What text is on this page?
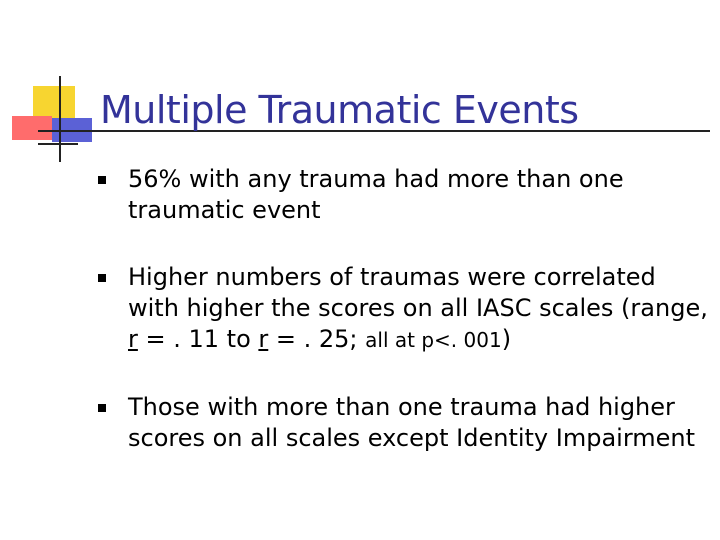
Multiple Traumatic Events
56% with any trauma had more than one traumatic event
Higher numbers of traumas were correlated with higher the scores on all IASC scales (range, r = . 11 to r = . 25; all at p<. 001)
Those with more than one trauma had higher scores on all scales except Identity Impairment
